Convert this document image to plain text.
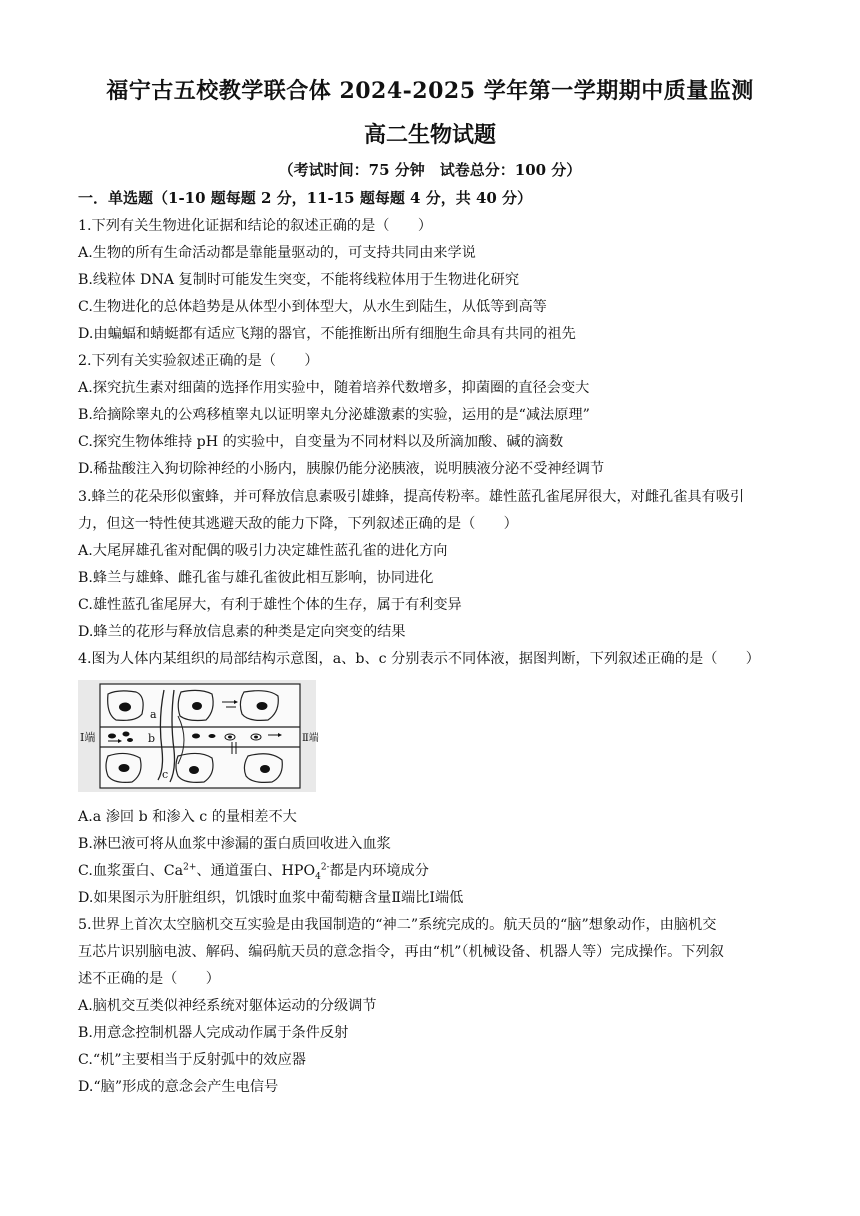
福宁古五校教学联合体 2024-2025 学年第一学期期中质量监测
高二生物试题
（考试时间：75 分钟　试卷总分：100 分）
一．单选题（1-10 题每题 2 分，11-15 题每题 4 分，共 40 分）
1.下列有关生物进化证据和结论的叙述正确的是（　　）
A.生物的所有生命活动都是靠能量驱动的，可支持共同由来学说
B.线粒体 DNA 复制时可能发生突变，不能将线粒体用于生物进化研究
C.生物进化的总体趋势是从体型小到体型大，从水生到陆生，从低等到高等
D.由蝙蝠和蜻蜓都有适应飞翔的器官，不能推断出所有细胞生命具有共同的祖先
2.下列有关实验叙述正确的是（　　）
A.探究抗生素对细菌的选择作用实验中，随着培养代数增多，抑菌圈的直径会变大
B.给摘除睾丸的公鸡移植睾丸以证明睾丸分泌雄激素的实验，运用的是“减法原理”
C.探究生物体维持 pH 的实验中，自变量为不同材料以及所滴加酸、碱的滴数
D.稀盐酸注入狗切除神经的小肠内，胰腺仍能分泌胰液，说明胰液分泌不受神经调节
3.蜂兰的花朵形似蜜蜂，并可释放信息素吸引雄蜂，提高传粉率。雄性蓝孔雀尾屏很大，对雌孔雀具有吸引
力，但这一特性使其逃避天敌的能力下降，下列叙述正确的是（　　）
A.大尾屏雄孔雀对配偶的吸引力决定雄性蓝孔雀的进化方向
B.蜂兰与雄蜂、雌孔雀与雄孔雀彼此相互影响，协同进化
C.雄性蓝孔雀尾屏大，有利于雄性个体的生存，属于有利变异
D.蜂兰的花形与释放信息素的种类是定向突变的结果
4.图为人体内某组织的局部结构示意图，a、b、c 分别表示不同体液，据图判断，下列叙述正确的是（　　）
a
b
c
Ⅰ端	Ⅱ端
A.a 渗回 b 和渗入 c 的量相差不大
B.淋巴液可将从血浆中渗漏的蛋白质回收进入血浆
C.血浆蛋白、$Ca^{2+}$、通道蛋白、$HPO_4^{2-}$都是内环境成分
D.如果图示为肝脏组织，饥饿时血浆中葡萄糖含量Ⅱ端比Ⅰ端低
5.世界上首次太空脑机交互实验是由我国制造的“神二”系统完成的。航天员的“脑”想象动作，由脑机交
互芯片识别脑电波、解码、编码航天员的意念指令，再由“机”（机械设备、机器人等）完成操作。下列叙
述不正确的是（　　）
A.脑机交互类似神经系统对躯体运动的分级调节
B.用意念控制机器人完成动作属于条件反射
C.“机”主要相当于反射弧中的效应器
D.“脑”形成的意念会产生电信号
